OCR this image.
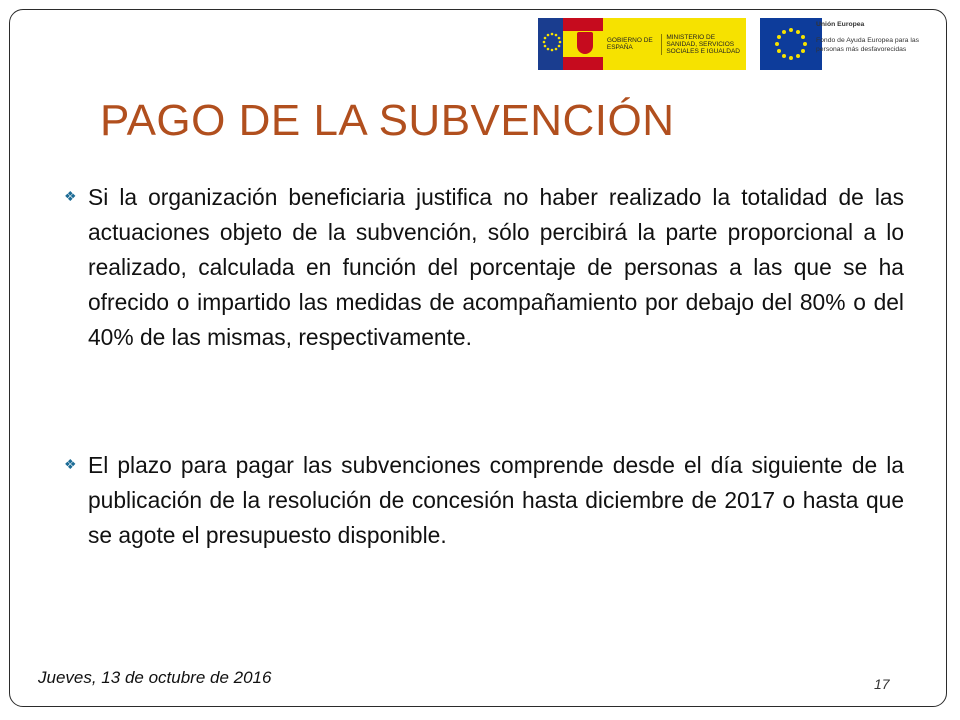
GOBIERNO DE ESPAÑA
MINISTERIO DE SANIDAD, SERVICIOS SOCIALES E IGUALDAD
Unión Europea
Fondo de Ayuda Europea para las personas más desfavorecidas
PAGO DE LA SUBVENCIÓN
❖ Si la organización beneficiaria justifica no haber realizado la totalidad de las actuaciones objeto de la subvención, sólo percibirá la parte proporcional a lo realizado, calculada en función del porcentaje de personas a las que se ha ofrecido o impartido las medidas de acompañamiento por debajo del 80% o del 40% de las mismas, respectivamente.
❖ El plazo para pagar las subvenciones comprende desde el día siguiente de la publicación de la resolución de concesión hasta diciembre de 2017 o hasta que se agote el presupuesto disponible.
Jueves, 13 de octubre de 2016	17
